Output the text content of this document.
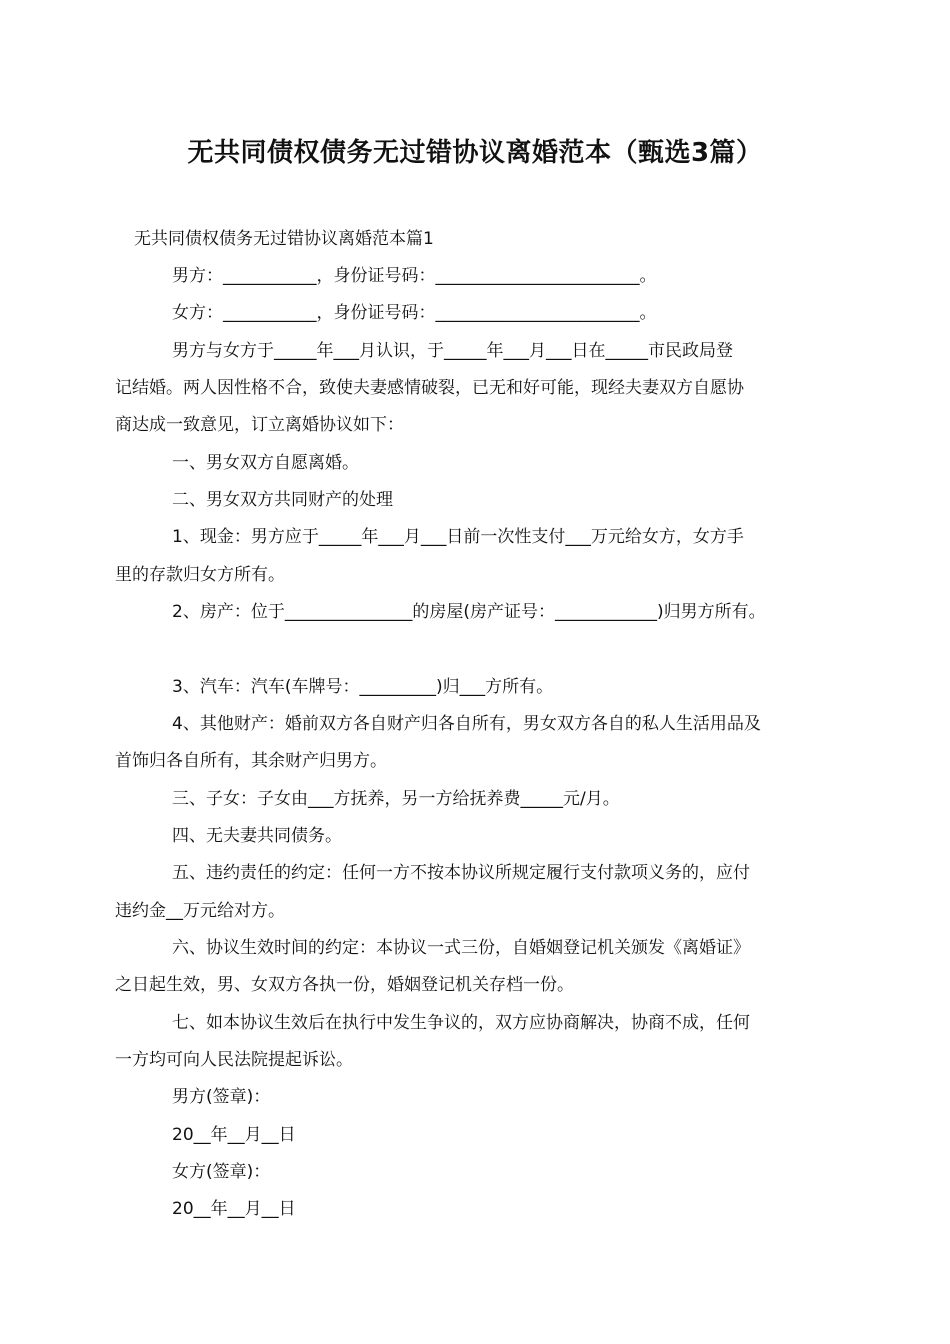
无共同债权债务无过错协议离婚范本（甄选3篇）
无共同债权债务无过错协议离婚范本篇1
男方：___________，身份证号码：________________________。
女方：___________，身份证号码：________________________。
男方与女方于_____年___月认识，于_____年___月___日在_____市民政局登
记结婚。两人因性格不合，致使夫妻感情破裂，已无和好可能，现经夫妻双方自愿协
商达成一致意见，订立离婚协议如下：
一、男女双方自愿离婚。
二、男女双方共同财产的处理
1、现金：男方应于_____年___月___日前一次性支付___万元给女方，女方手
里的存款归女方所有。
2、房产：位于_______________的房屋(房产证号：____________)归男方所有。
3、汽车：汽车(车牌号：_________)归___方所有。
4、其他财产：婚前双方各自财产归各自所有，男女双方各自的私人生活用品及
首饰归各自所有，其余财产归男方。
三、子女：子女由___方抚养，另一方给抚养费_____元/月。
四、无夫妻共同债务。
五、违约责任的约定：任何一方不按本协议所规定履行支付款项义务的，应付
违约金__万元给对方。
六、协议生效时间的约定：本协议一式三份，自婚姻登记机关颁发《离婚证》
之日起生效，男、女双方各执一份，婚姻登记机关存档一份。
七、如本协议生效后在执行中发生争议的，双方应协商解决，协商不成，任何
一方均可向人民法院提起诉讼。
男方(签章)：
20__年__月__日
女方(签章)：
20__年__月__日
